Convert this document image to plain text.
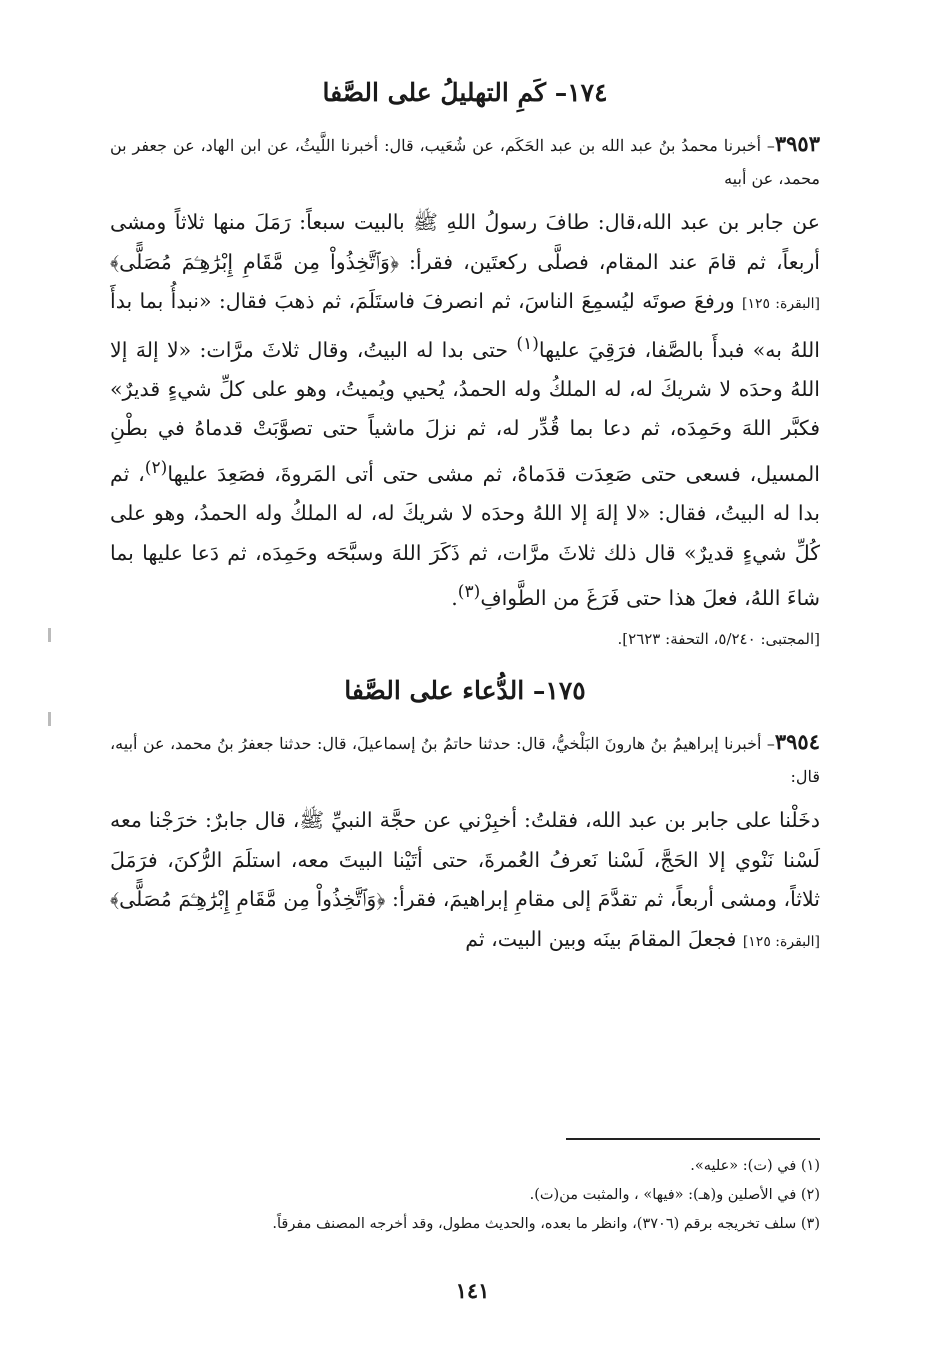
١٧٤– كَمِ التهليلُ على الصَّفا

٣٩٥٣– أخبرنا محمدُ بنُ عبد الله بن عبد الحَكَم، عن شُعَيب، قال: أخبرنا اللَّيثُ، عن ابن الهاد، عن جعفر بن محمد، عن أبيه

عن جابر بن عبد الله،قال: طافَ رسولُ اللهِ ﷺ بالبيت سبعاً: رَمَلَ منها ثلاثاً ومشى أربعاً، ثم قامَ عند المقام، فصلَّى ركعتَين، فقرأ: ﴿وَٱتَّخِذُواْ مِن مَّقَامِ إِبْرَٰهِـۧمَ مُصَلًّى﴾ [البقرة: ١٢٥] ورفعَ صوتَه ليُسمِعَ الناسَ، ثم انصرفَ فاستَلَمَ، ثم ذهبَ فقال: «نبدأُ بما بدأَ اللهُ به» فبدأَ بالصَّفا، فرَقِيَ عليها$^{(١)}$ حتى بدا له البيتُ، وقال ثلاثَ مرَّات: «لا إلهَ إلا اللهُ وحدَه لا شريكَ له، له الملكُ وله الحمدُ، يُحيي ويُميتُ، وهو على كلِّ شيءٍ قديرٌ» فكبَّر اللهَ وحَمِدَه، ثم دعا بما قُدِّر له، ثم نزلَ ماشياً حتى تصوَّبَتْ قدماهُ في بطْنِ المسيل، فسعى حتى صَعِدَت قدَماهُ، ثم مشى حتى أتى المَروةَ، فصَعِدَ عليها$^{(٢)}$، ثم بدا له البيتُ، فقال: «لا إلهَ إلا اللهُ وحدَه لا شريكَ له، له الملكُ وله الحمدُ، وهو على كُلِّ شيءٍ قديرٌ» قال ذلك ثلاثَ مرَّات، ثم ذَكَرَ اللهَ وسبَّحَه وحَمِدَه، ثم دَعا عليها بما شاءَ اللهُ، فعلَ هذا حتى فَرَغَ من الطَّوافِ$^{(٣)}$.

[المجتبى: ٥/٢٤٠، التحفة: ٢٦٢٣].

١٧٥– الدُّعاء على الصَّفا

٣٩٥٤– أخبرنا إبراهيمُ بنُ هارونَ البَلْخيُّ، قال: حدثنا حاتمُ بنُ إسماعيلَ، قال: حدثنا جعفرُ بنُ محمد، عن أبيه، قال:

دخَلْنا على جابر بن عبد الله، فقلتُ: أخبِرْني عن حجَّة النبيِّ ﷺ، قال جابرٌ: خرَجْنا معه لَسْنا نَنْوي إلا الحَجَّ، لَسْنا نَعرفُ العُمرةَ، حتى أتَيْنا البيتَ معه، استلَمَ الرُّكنَ، فرَمَلَ ثلاثاً، ومشى أربعاً، ثم تقدَّمَ إلى مقامِ إبراهيمَ، فقرأ: ﴿وَٱتَّخِذُواْ مِن مَّقَامِ إِبْرَٰهِـۧمَ مُصَلًّى﴾ [البقرة: ١٢٥] فجعلَ المقامَ بينَه وبين البيت، ثم

(١) في (ت): «عليه».
(٢) في الأصلين و(هـ): «فيها» ، والمثبت من(ت).
(٣) سلف تخريجه برقم (٣٧٠٦)، وانظر ما بعده، والحديث مطول، وقد أخرجه المصنف مفرقاً.
١٤١
